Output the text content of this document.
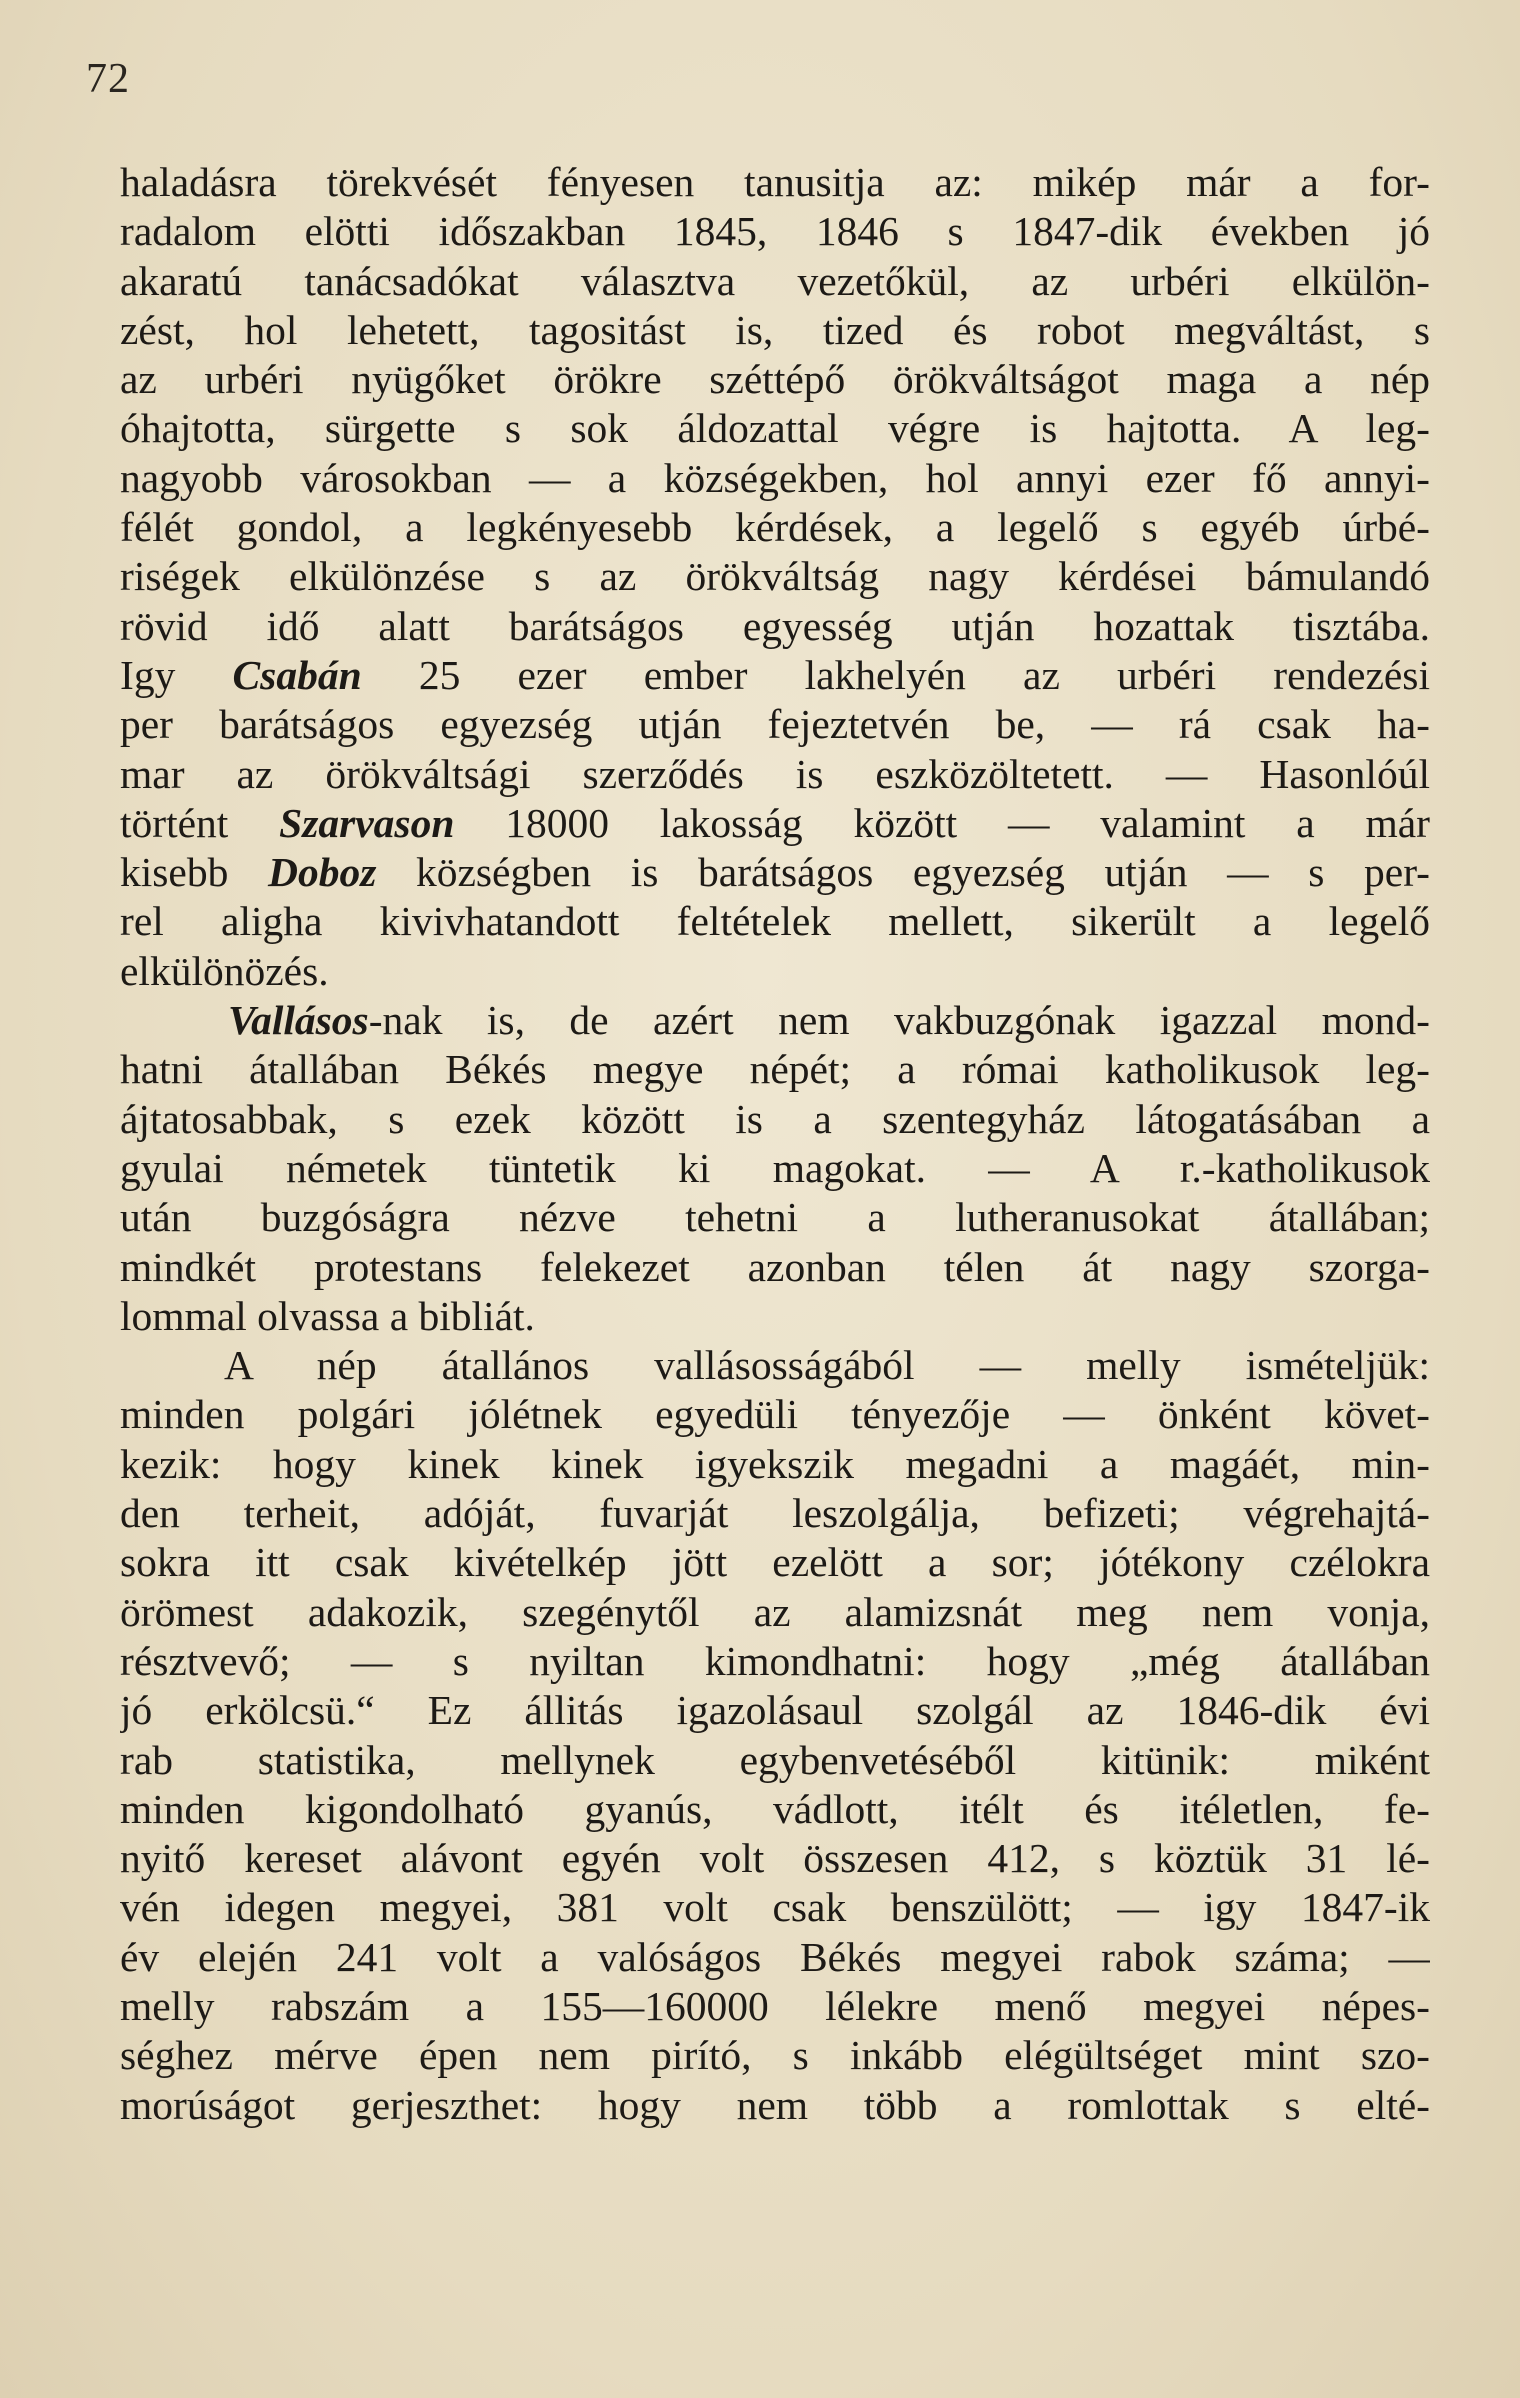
72
haladásra törekvését fényesen tanusitja az: mikép már a for-
radalom elötti időszakban 1845, 1846 s 1847-dik években jó
akaratú tanácsadókat választva vezetőkül, az urbéri elkülön-
zést, hol lehetett, tagositást is, tized és robot megváltást, s
az urbéri nyügőket örökre széttépő örökváltságot maga a nép
óhajtotta, sürgette s sok áldozattal végre is hajtotta. A leg-
nagyobb városokban — a községekben, hol annyi ezer fő annyi-
félét gondol, a legkényesebb kérdések, a legelő s egyéb úrbé-
riségek elkülönzése s az örökváltság nagy kérdései bámulandó
rövid idő alatt barátságos egyesség utján hozattak tisztába.
Igy Csabán 25 ezer ember lakhelyén az urbéri rendezési
per barátságos egyezség utján fejeztetvén be, — rá csak ha-
mar az örökváltsági szerződés is eszközöltetett. — Hasonlóúl
történt Szarvason 18000 lakosság között — valamint a már
kisebb Doboz községben is barátságos egyezség utján — s per-
rel aligha kivivhatandott feltételek mellett, sikerült a legelő
elkülönözés.
Vallásos-nak is, de azért nem vakbuzgónak igazzal mond-
hatni átallában Békés megye népét; a római katholikusok leg-
ájtatosabbak, s ezek között is a szentegyház látogatásában a
gyulai németek tüntetik ki magokat. — A r.-katholikusok
után buzgóságra nézve tehetni a lutheranusokat átallában;
mindkét protestans felekezet azonban télen át nagy szorga-
lommal olvassa a bibliát.
A nép átallános vallásosságából — melly ismételjük:
minden polgári jólétnek egyedüli tényezője — önként követ-
kezik: hogy kinek kinek igyekszik megadni a magáét, min-
den terheit, adóját, fuvarját leszolgálja, befizeti; végrehajtá-
sokra itt csak kivételkép jött ezelött a sor; jótékony czélokra
örömest adakozik, szegénytől az alamizsnát meg nem vonja,
résztvevő; — s nyiltan kimondhatni: hogy „még átallában
jó erkölcsü.“ Ez állitás igazolásaul szolgál az 1846-dik évi
rab statistika, mellynek egybenvetéséből kitünik: miként
minden kigondolható gyanús, vádlott, itélt és itéletlen, fe-
nyitő kereset alávont egyén volt összesen 412, s köztük 31 lé-
vén idegen megyei, 381 volt csak benszülött; — igy 1847-ik
év elején 241 volt a valóságos Békés megyei rabok száma; —
melly rabszám a 155—160000 lélekre menő megyei népes-
séghez mérve épen nem pirító, s inkább elégültséget mint szo-
morúságot gerjeszthet: hogy nem több a romlottak s elté-
